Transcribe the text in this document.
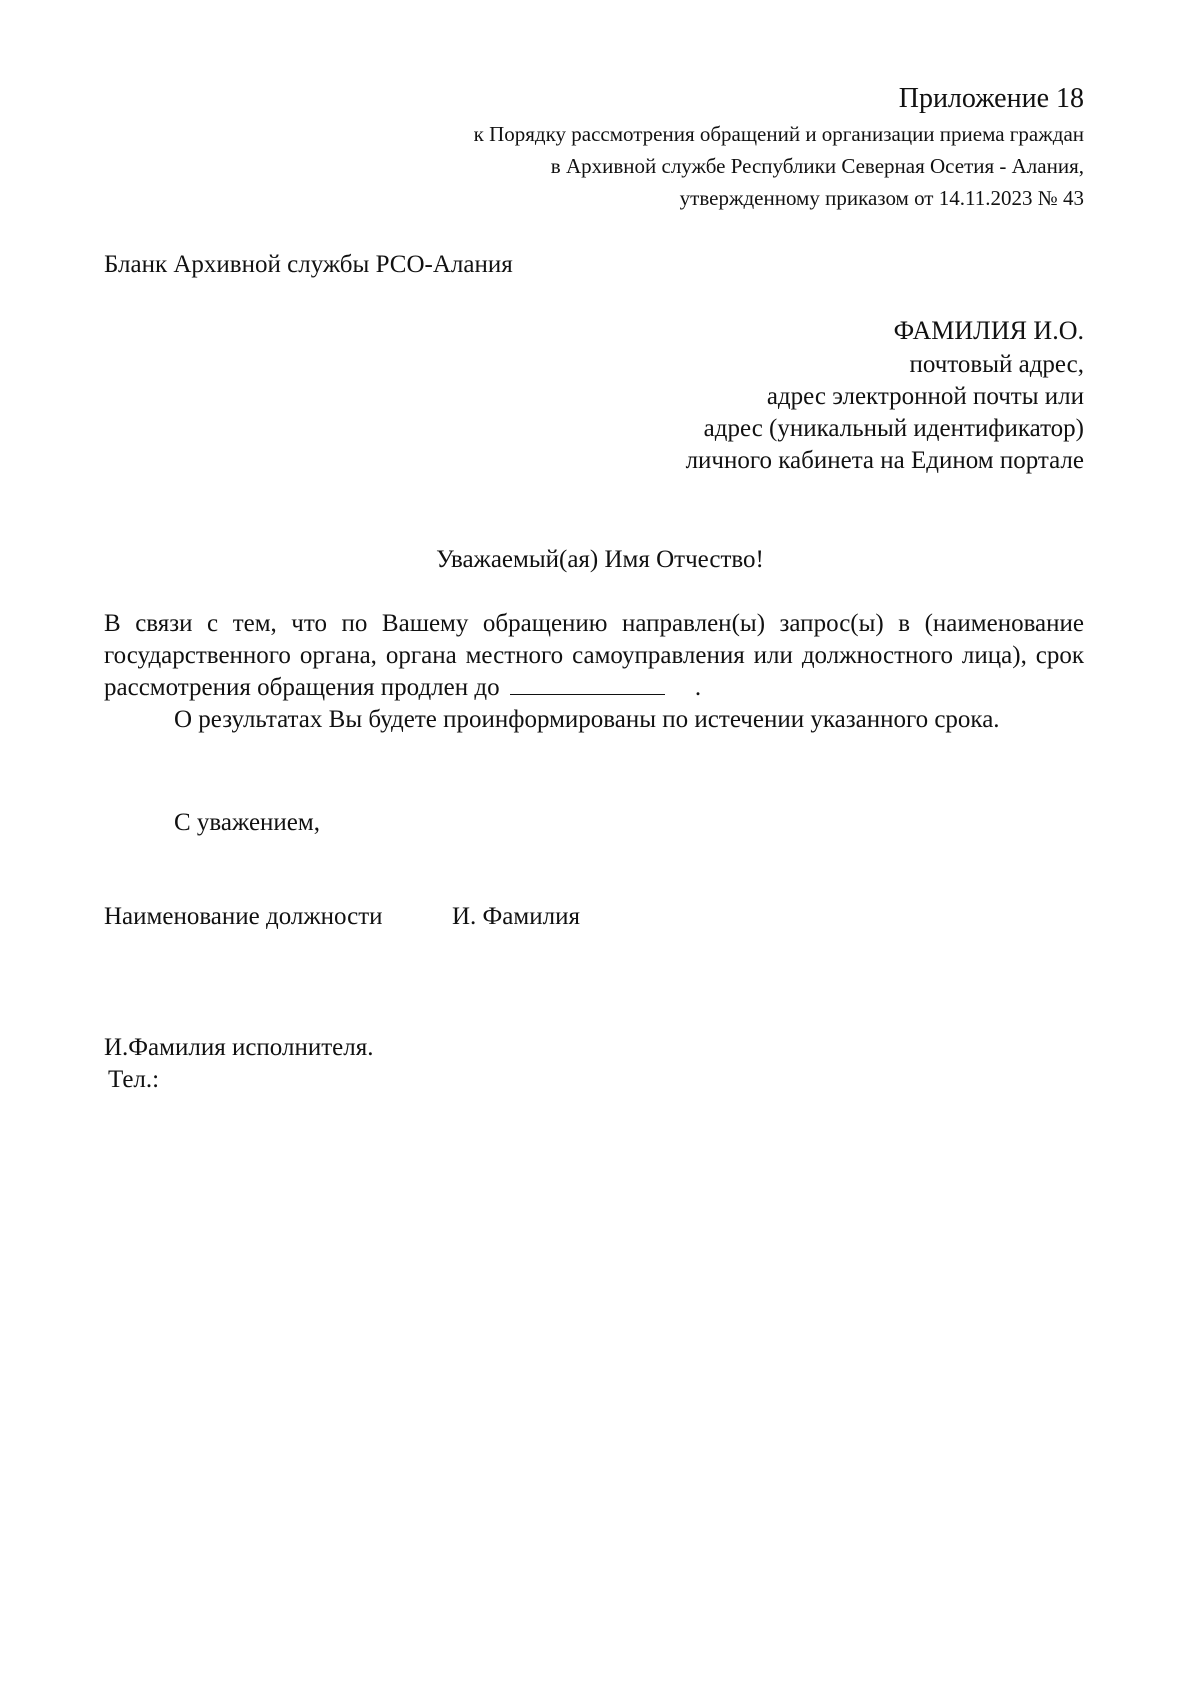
Приложение 18
к Порядку рассмотрения обращений и организации приема граждан
в Архивной службе Республики Северная Осетия - Алания,
утвержденному приказом от 14.11.2023 № 43
Бланк Архивной службы РСО-Алания
ФАМИЛИЯ И.О.
почтовый адрес,
адрес электронной почты или
адрес (уникальный идентификатор)
личного кабинета на Едином портале
Уважаемый(ая) Имя Отчество!

В связи с тем, что по Вашему обращению направлен(ы) запрос(ы) в (наименование государственного органа, органа местного самоуправления или должностного лица), срок рассмотрения обращения продлен до	.

О результатах Вы будете проинформированы по истечении указанного срока.

С уважением,
Наименование должности	И. Фамилия
И.Фамилия исполнителя.
Тел.:
